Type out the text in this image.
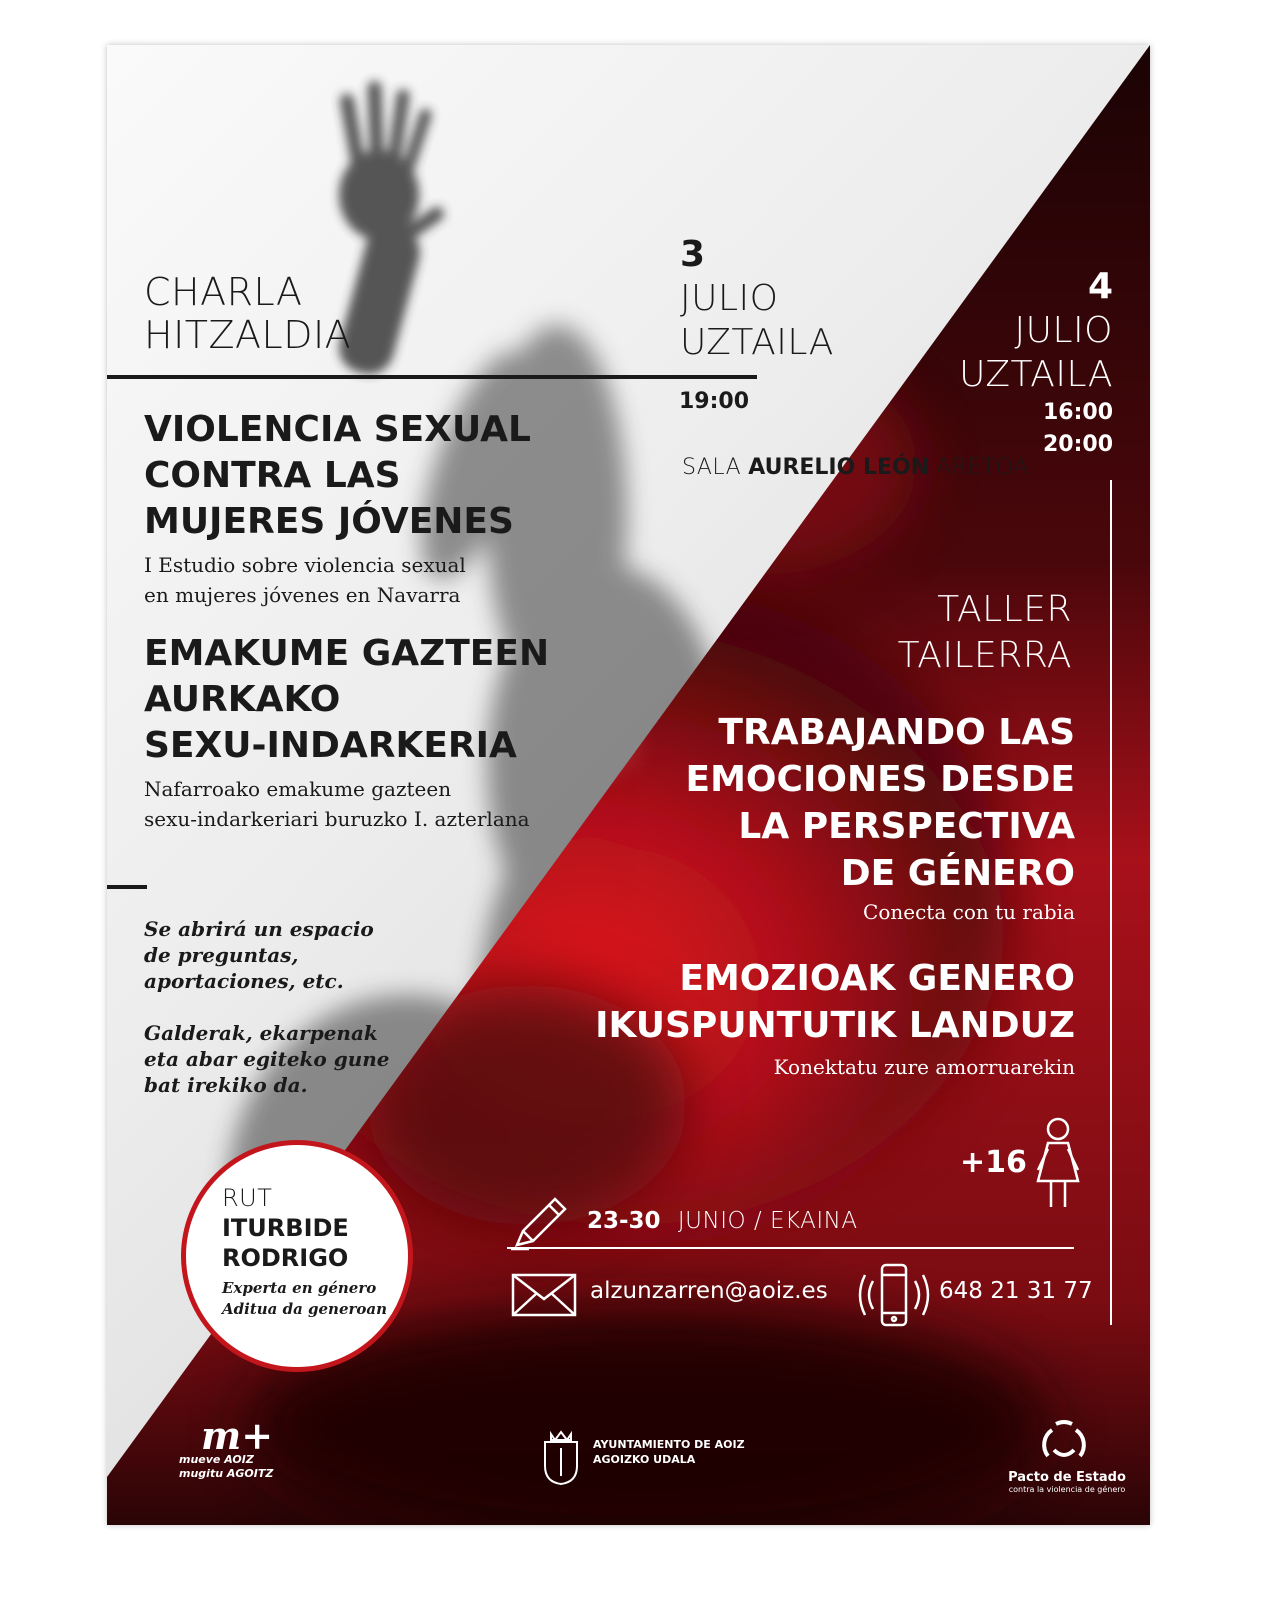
CHARLA
HITZALDIA
3
JULIO
UZTAILA
19:00
SALA AURELIO LEÓN ARETOA
VIOLENCIA SEXUAL
CONTRA LAS
MUJERES JÓVENES
I Estudio sobre violencia sexual
en mujeres jóvenes en Navarra
EMAKUME GAZTEEN
AURKAKO
SEXU-INDARKERIA
Nafarroako emakume gazteen
sexu-indarkeriari buruzko I. azterlana
Se abrirá un espacio
de preguntas,
aportaciones, etc.
Galderak, ekarpenak
eta abar egiteko gune
bat irekiko da.
RUT
ITURBIDE
RODRIGO
Experta en género
Aditua da generoan
4
JULIO
UZTAILA
16:00
20:00
TALLER
TAILERRA
TRABAJANDO LAS
EMOCIONES DESDE
LA PERSPECTIVA
DE GÉNERO
Conecta con tu rabia
EMOZIOAK GENERO
IKUSPUNTUTIK LANDUZ
Konektatu zure amorruarekin
+16
23-30 JUNIO / EKAINA
alzunzarren@aoiz.es	648 21 31 77
m+
mueve AOIZ
mugitu AGOITZ
AYUNTAMIENTO DE AOIZ
AGOIZKO UDALA
Pacto de Estado
contra la violencia de género
